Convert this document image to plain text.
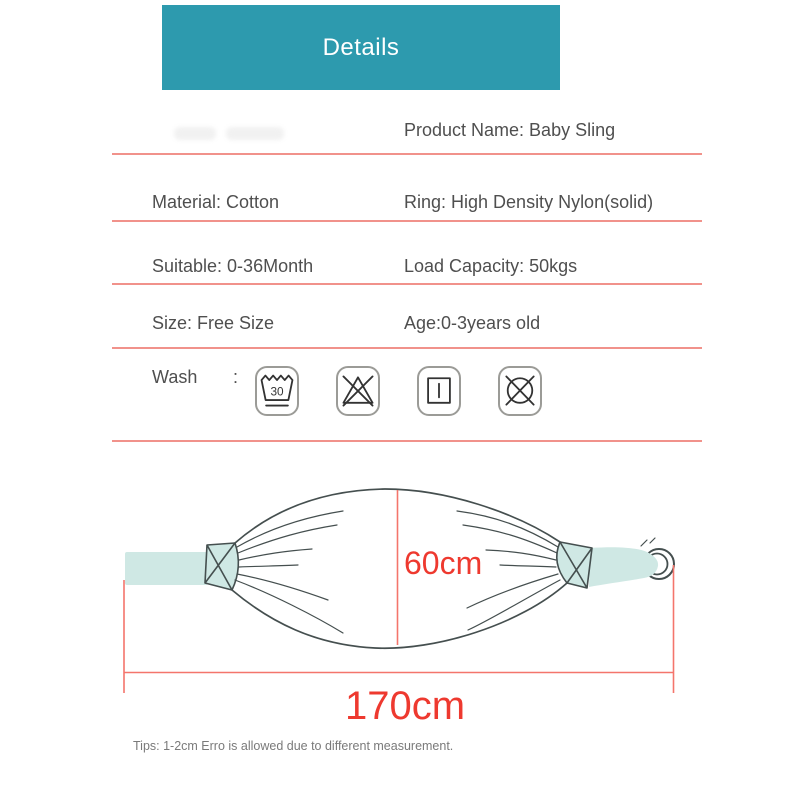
Details
Product Name: Baby Sling
Material: Cotton	Ring: High Density Nylon(solid)
Suitable: 0-36Month	Load Capacity: 50kgs
Size: Free Size	Age:0-3years old
Wash :
30
60cm
170cm
Tips: 1-2cm Erro is allowed due to different measurement.
